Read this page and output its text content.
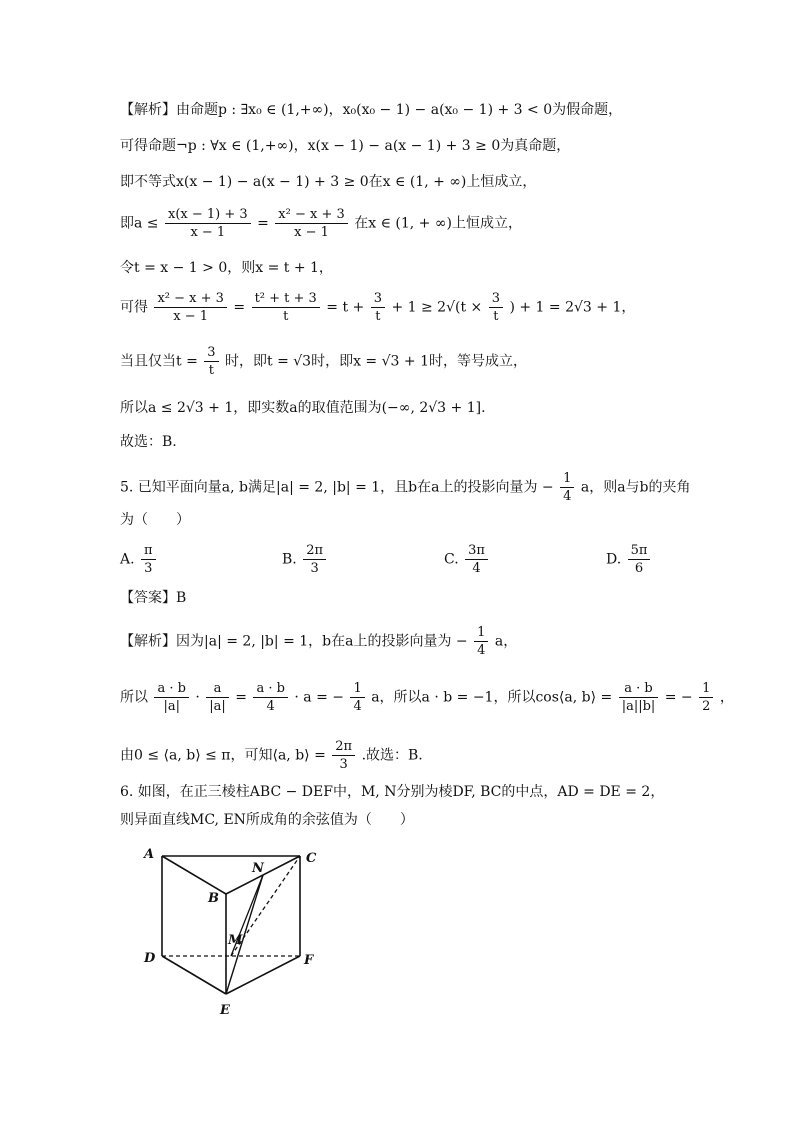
【解析】由命题p : ∃x₀ ∈ (1,+∞)，x₀(x₀ − 1) − a(x₀ − 1) + 3 < 0为假命题，
可得命题¬p : ∀x ∈ (1,+∞)，x(x − 1) − a(x − 1) + 3 ≥ 0为真命题，
即不等式x(x − 1) − a(x − 1) + 3 ≥ 0在x ∈ (1, + ∞)上恒成立，
即$a \le \frac{x(x - 1) + 3}{x - 1} = \frac{\text{x² − x + 3}}{x - 1}$ 在x ∈ (1, + ∞)上恒成立，
令t = x − 1 > 0，则x = t + 1，
可得 $\frac{\text{x² − x + 3}}{x - 1} = \frac{\text{t² + t + 3}}{t} = t + \frac{3}{t} + 1 \ge 2√(t \times \frac{3}{t}$ ) + 1 = 2√3 + 1，
当且仅当$t = \frac{3}{t}$ 时，即t = √3时，即x = √3 + 1时，等号成立，
所以a ≤ 2√3 + 1，即实数a的取值范围为(−∞, 2√3 + 1].
故选：B.
5. 已知平面向量a, b满足|a| = 2, |b| = 1，且b在a上的投影向量为 − $\frac{1}{4}$ a，则a与b的夹角
为（　　）
A. $\frac{\pi}{3}$	B. $\frac{2\pi}{3}$	C. $\frac{3\pi}{4}$	D. $\frac{5\pi}{6}$
【答案】B
【解析】因为|a| = 2, |b| = 1，b在a上的投影向量为 − $\frac{1}{4}$ a，
所以 $\frac{a \cdot b}{|a|} \cdot \frac{a}{|a|} = \frac{a \cdot b}{4} \cdot a$ = − $\frac{1}{4}$ a，所以a · b = −1，所以cos⟨a, b⟩ = $\frac{a \cdot b}{|a||b|}$ = − $\frac{1}{2}$ ，
由0 ≤ ⟨a, b⟩ ≤ π，可知⟨a, b⟩ = $\frac{2\pi}{3}$ .故选：B.
6. 如图，在正三棱柱ABC − DEF中，M, N分别为棱DF, BC的中点，AD = DE = 2，
则异面直线MC, EN所成角的余弦值为（　　）
A
B
C
D
E
F
M
N
